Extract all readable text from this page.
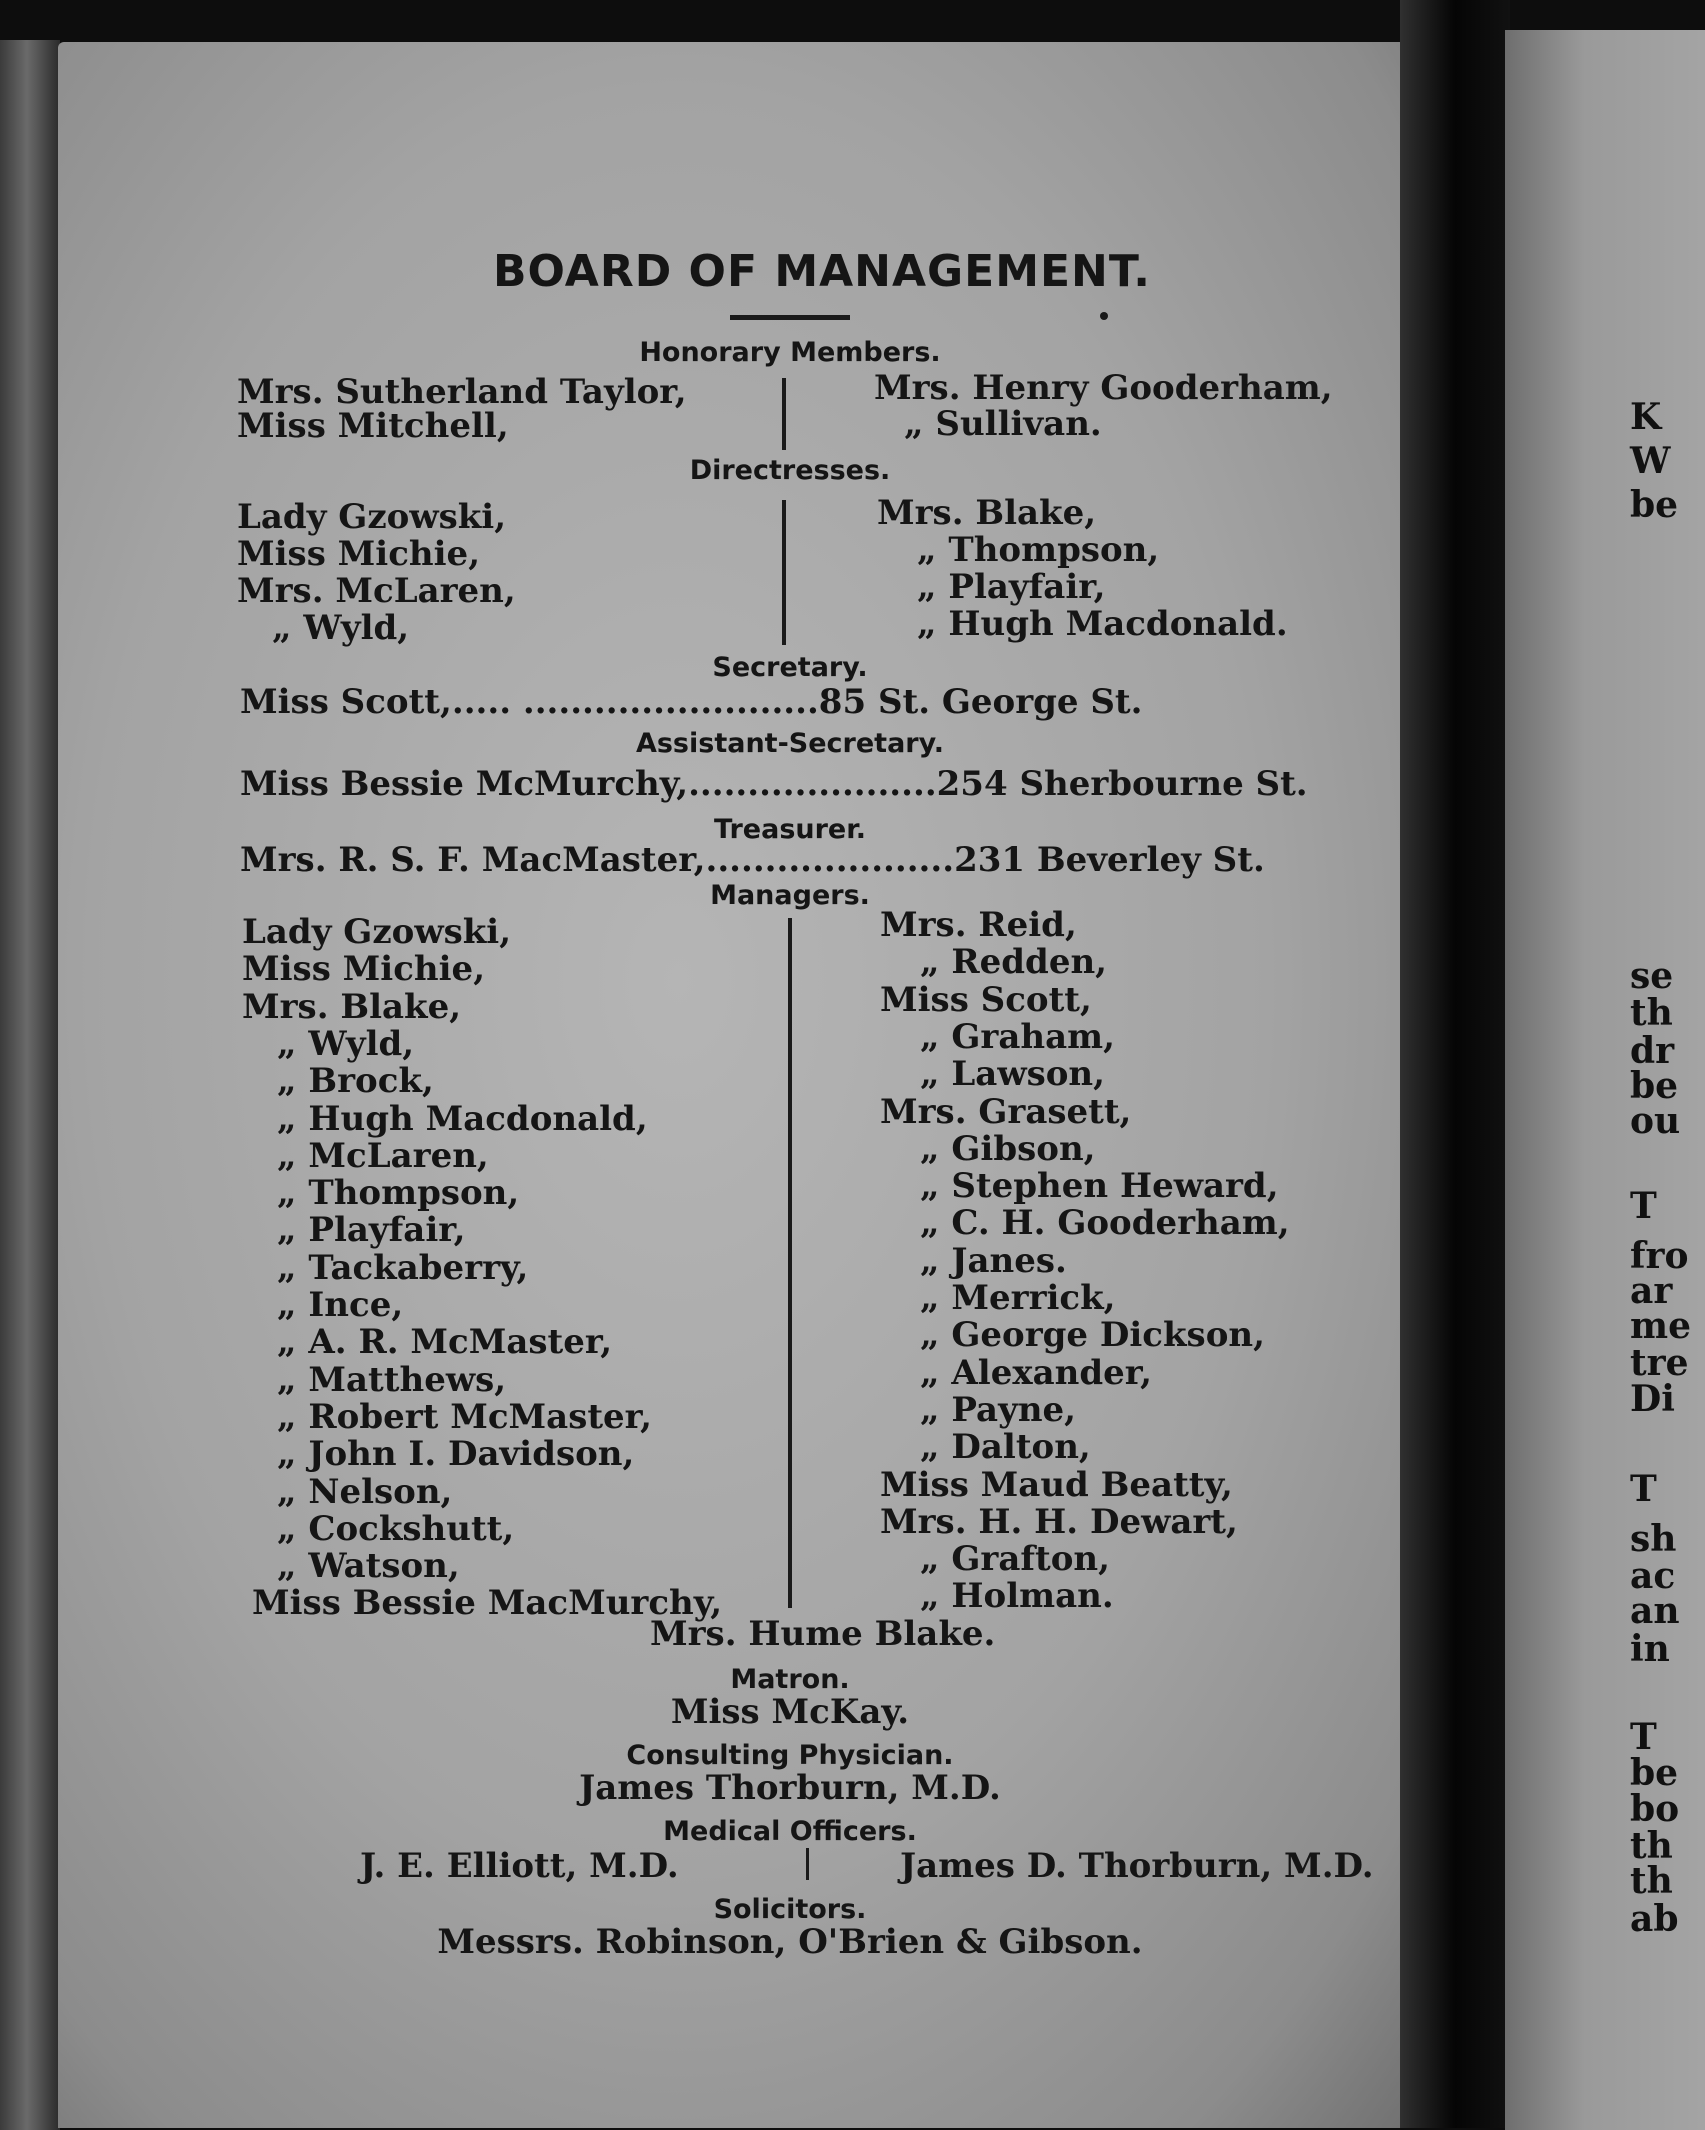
K
W
be
se
th
dr
be
ou
T
fro
ar
me
tre
Di
T
sh
ac
an
in
T
be
bo
th
th
ab
BOARD OF MANAGEMENT.
Honorary Members.
Mrs. Sutherland Taylor,
Miss Mitchell,
Mrs. Henry Gooderham,
„ Sullivan.
Directresses.
Lady Gzowski,
Miss Michie,
Mrs. McLaren,
„ Wyld,
Mrs. Blake,
„ Thompson,
„ Playfair,
„ Hugh Macdonald.
Secretary.
Miss Scott,..... .........................85 St. George St.
Assistant-Secretary.
Miss Bessie McMurchy,.....................254 Sherbourne St.
Treasurer.
Mrs. R. S. F. MacMaster,.....................231 Beverley St.
Managers.
Lady Gzowski,
Miss Michie,
Mrs. Blake,
„ Wyld,
„ Brock,
„ Hugh Macdonald,
„ McLaren,
„ Thompson,
„ Playfair,
„ Tackaberry,
„ Ince,
„ A. R. McMaster,
„ Matthews,
„ Robert McMaster,
„ John I. Davidson,
„ Nelson,
„ Cockshutt,
„ Watson,
Miss Bessie MacMurchy,
Mrs. Reid,
„ Redden,
Miss Scott,
„ Graham,
„ Lawson,
Mrs. Grasett,
„ Gibson,
„ Stephen Heward,
„ C. H. Gooderham,
„ Janes.
„ Merrick,
„ George Dickson,
„ Alexander,
„ Payne,
„ Dalton,
Miss Maud Beatty,
Mrs. H. H. Dewart,
„ Grafton,
„ Holman.
Mrs. Hume Blake.
Matron.
Miss McKay.
Consulting Physician.
James Thorburn, M.D.
Medical Officers.
J. E. Elliott, M.D.	James D. Thorburn, M.D.
Solicitors.
Messrs. Robinson, O'Brien & Gibson.
